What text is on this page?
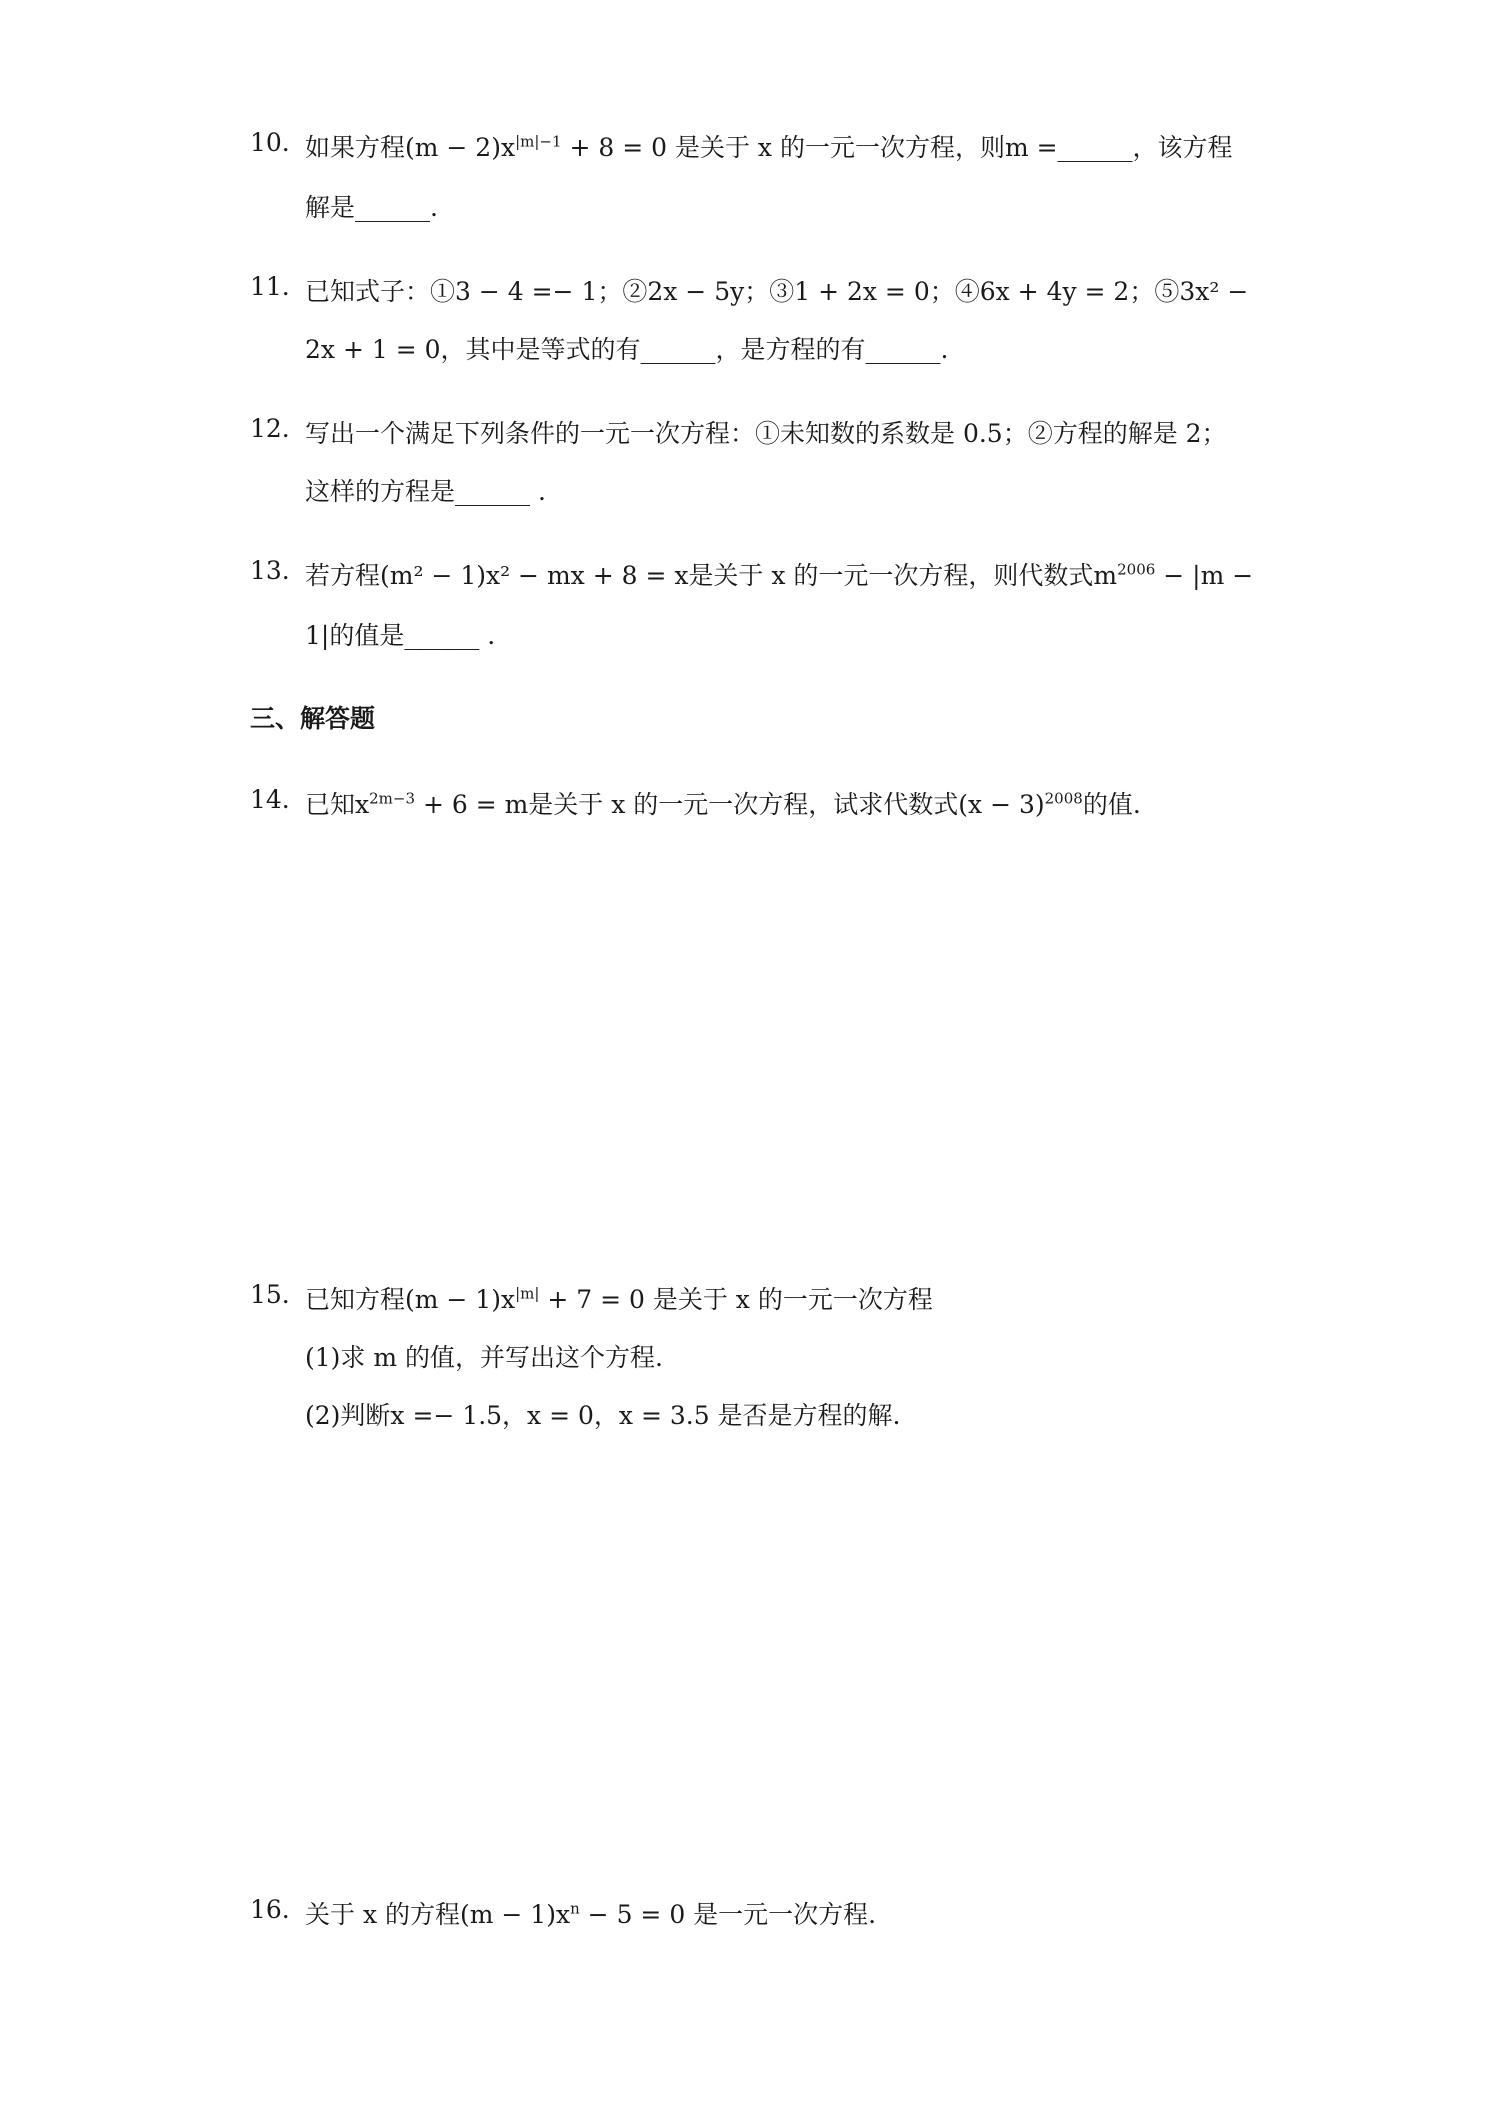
10. 如果方程$(m - 2)x^{|m|-1} + 8 = 0$ 是关于 x 的一元一次方程，则m =______，该方程
解是______.
11. 已知式子：①3 − 4 =− 1；②2x − 5y；③1 + 2x = 0；④6x + 4y = 2；⑤3x² −
2x + 1 = 0，其中是等式的有______，是方程的有______.
12. 写出一个满足下列条件的一元一次方程：①未知数的系数是 0.5；②方程的解是 2；
这样的方程是______ .
13. 若方程(m² − 1)x² − mx + 8 = x是关于 x 的一元一次方程，则代数式$m^{2006} - |m$ −
1|的值是______ .
三、解答题
14. 已知$x^{2m-3} + 6 = m$是关于 x 的一元一次方程，试求代数式$(x - 3)^{2008}$的值.
15. 已知方程$(m - 1)x^{|m|} + 7 = 0$ 是关于 x 的一元一次方程
(1)求 m 的值，并写出这个方程.
(2)判断x =− 1.5，x = 0，x = 3.5 是否是方程的解.
16. 关于 x 的方程$(m - 1)x^n - 5 = 0$ 是一元一次方程.
